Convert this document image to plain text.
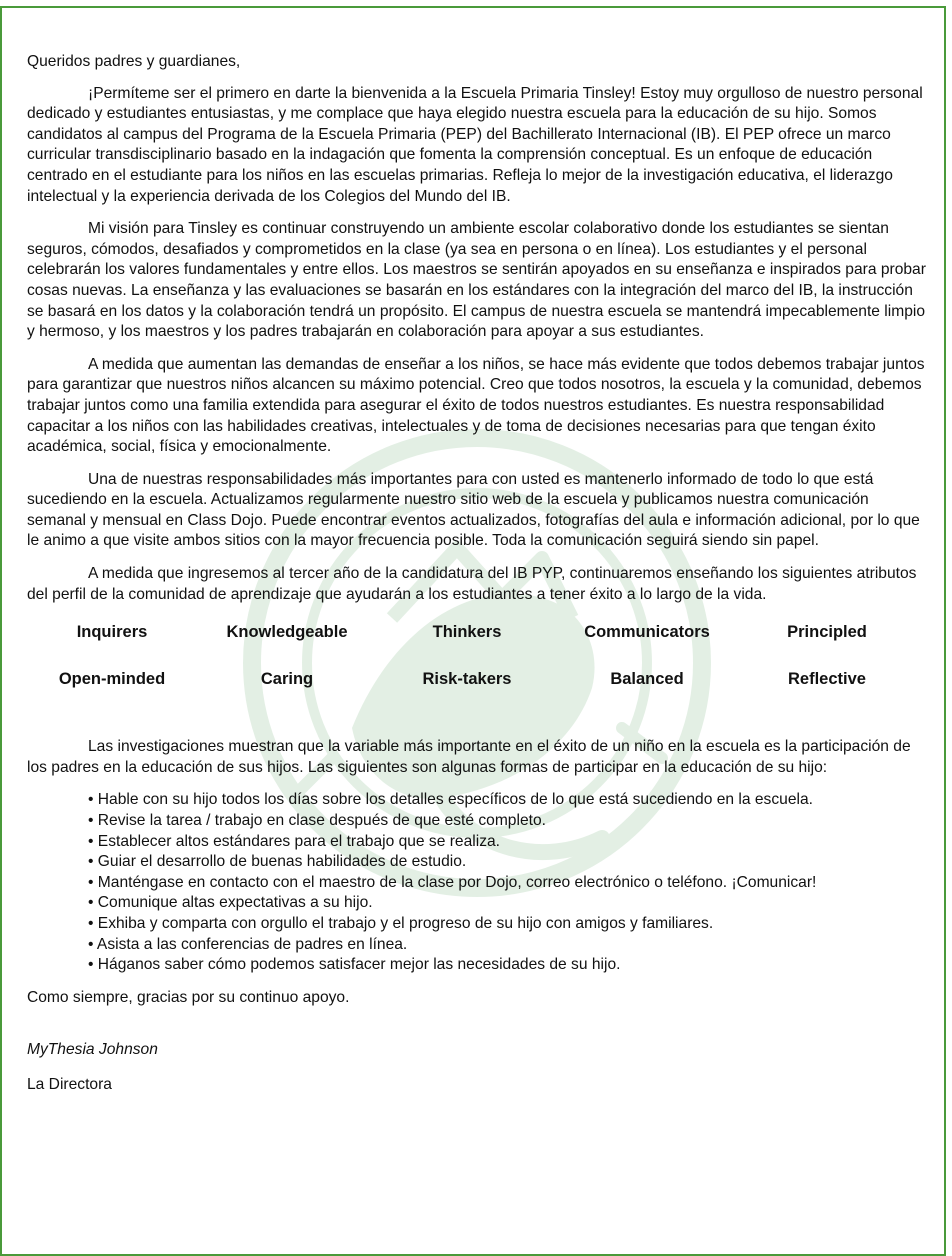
Queridos padres y guardianes,

¡Permíteme ser el primero en darte la bienvenida a la Escuela Primaria Tinsley! Estoy muy orgulloso de nuestro personal dedicado y estudiantes entusiastas, y me complace que haya elegido nuestra escuela para la educación de su hijo. Somos candidatos al campus del Programa de la Escuela Primaria (PEP) del Bachillerato Internacional (IB). El PEP ofrece un marco curricular transdisciplinario basado en la indagación que fomenta la comprensión conceptual. Es un enfoque de educación centrado en el estudiante para los niños en las escuelas primarias. Refleja lo mejor de la investigación educativa, el liderazgo intelectual y la experiencia derivada de los Colegios del Mundo del IB.

Mi visión para Tinsley es continuar construyendo un ambiente escolar colaborativo donde los estudiantes se sientan seguros, cómodos, desafiados y comprometidos en la clase (ya sea en persona o en línea). Los estudiantes y el personal celebrarán los valores fundamentales y entre ellos. Los maestros se sentirán apoyados en su enseñanza e inspirados para probar cosas nuevas. La enseñanza y las evaluaciones se basarán en los estándares con la integración del marco del IB, la instrucción se basará en los datos y la colaboración tendrá un propósito. El campus de nuestra escuela se mantendrá impecablemente limpio y hermoso, y los maestros y los padres trabajarán en colaboración para apoyar a sus estudiantes.

A medida que aumentan las demandas de enseñar a los niños, se hace más evidente que todos debemos trabajar juntos para garantizar que nuestros niños alcancen su máximo potencial. Creo que todos nosotros, la escuela y la comunidad, debemos trabajar juntos como una familia extendida para asegurar el éxito de todos nuestros estudiantes. Es nuestra responsabilidad capacitar a los niños con las habilidades creativas, intelectuales y de toma de decisiones necesarias para que tengan éxito académica, social, física y emocionalmente.

Una de nuestras responsabilidades más importantes para con usted es mantenerlo informado de todo lo que está sucediendo en la escuela. Actualizamos regularmente nuestro sitio web de la escuela y publicamos nuestra comunicación semanal y mensual en Class Dojo. Puede encontrar eventos actualizados, fotografías del aula e información adicional, por lo que le animo a que visite ambos sitios con la mayor frecuencia posible. Toda la comunicación seguirá siendo sin papel.

A medida que ingresemos al tercer año de la candidatura del IB PYP, continuaremos enseñando los siguientes atributos del perfil de la comunidad de aprendizaje que ayudarán a los estudiantes a tener éxito a lo largo de la vida.

Inquirers	Knowledgeable	Thinkers	Communicators	Principled
Open-minded	Caring	Risk-takers	Balanced	Reflective

Las investigaciones muestran que la variable más importante en el éxito de un niño en la escuela es la participación de los padres en la educación de sus hijos. Las siguientes son algunas formas de participar en la educación de su hijo:

• Hable con su hijo todos los días sobre los detalles específicos de lo que está sucediendo en la escuela.
• Revise la tarea / trabajo en clase después de que esté completo.
• Establecer altos estándares para el trabajo que se realiza.
• Guiar el desarrollo de buenas habilidades de estudio.
• Manténgase en contacto con el maestro de la clase por Dojo, correo electrónico o teléfono. ¡Comunicar!
• Comunique altas expectativas a su hijo.
• Exhiba y comparta con orgullo el trabajo y el progreso de su hijo con amigos y familiares.
• Asista a las conferencias de padres en línea.
• Háganos saber cómo podemos satisfacer mejor las necesidades de su hijo.

Como siempre, gracias por su continuo apoyo.

MyThesia Johnson

La Directora
